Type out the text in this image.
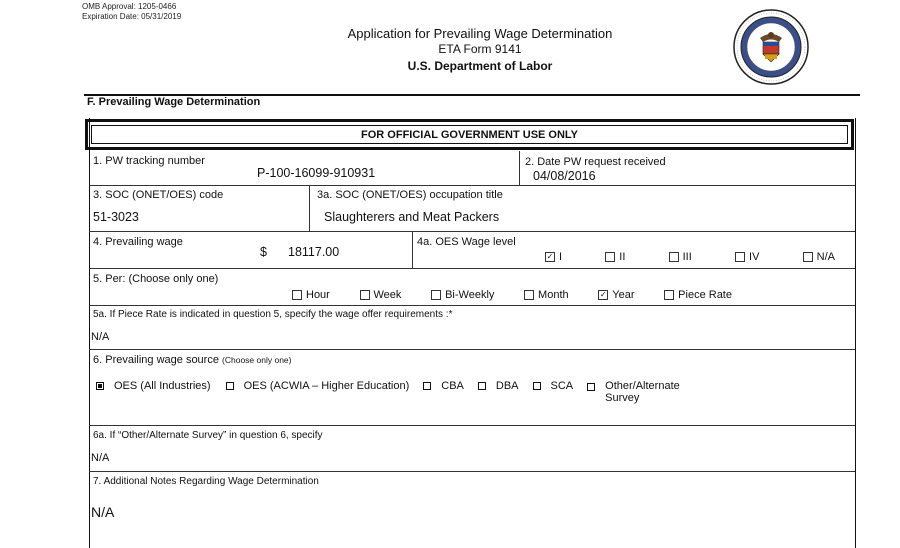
OMB Approval: 1205-0466
Expiration Date: 05/31/2019
Application for Prevailing Wage Determination
ETA Form 9141
U.S. Department of Labor
F. Prevailing Wage Determination
FOR OFFICIAL GOVERNMENT USE ONLY
1. PW tracking number
P-100-16099-910931
2. Date PW request received
04/08/2016
3. SOC (ONET/OES) code
51-3023
3a. SOC (ONET/OES) occupation title
Slaughterers and Meat Packers
4. Prevailing wage
$ 18117.00
4a. OES Wage level
✓ I	II	III	IV	N/A
5. Per: (Choose only one)
Hour	Week	Bi-Weekly	Month	✓ Year	Piece Rate
5a. If Piece Rate is indicated in question 5, specify the wage offer requirements :*
N/A
6. Prevailing wage source (Choose only one)
OES (All Industries)	OES (ACWIA – Higher Education)	CBA	DBA	SCA	Other/Alternate
Survey
6a. If “Other/Alternate Survey” in question 6, specify
N/A
7. Additional Notes Regarding Wage Determination
N/A
